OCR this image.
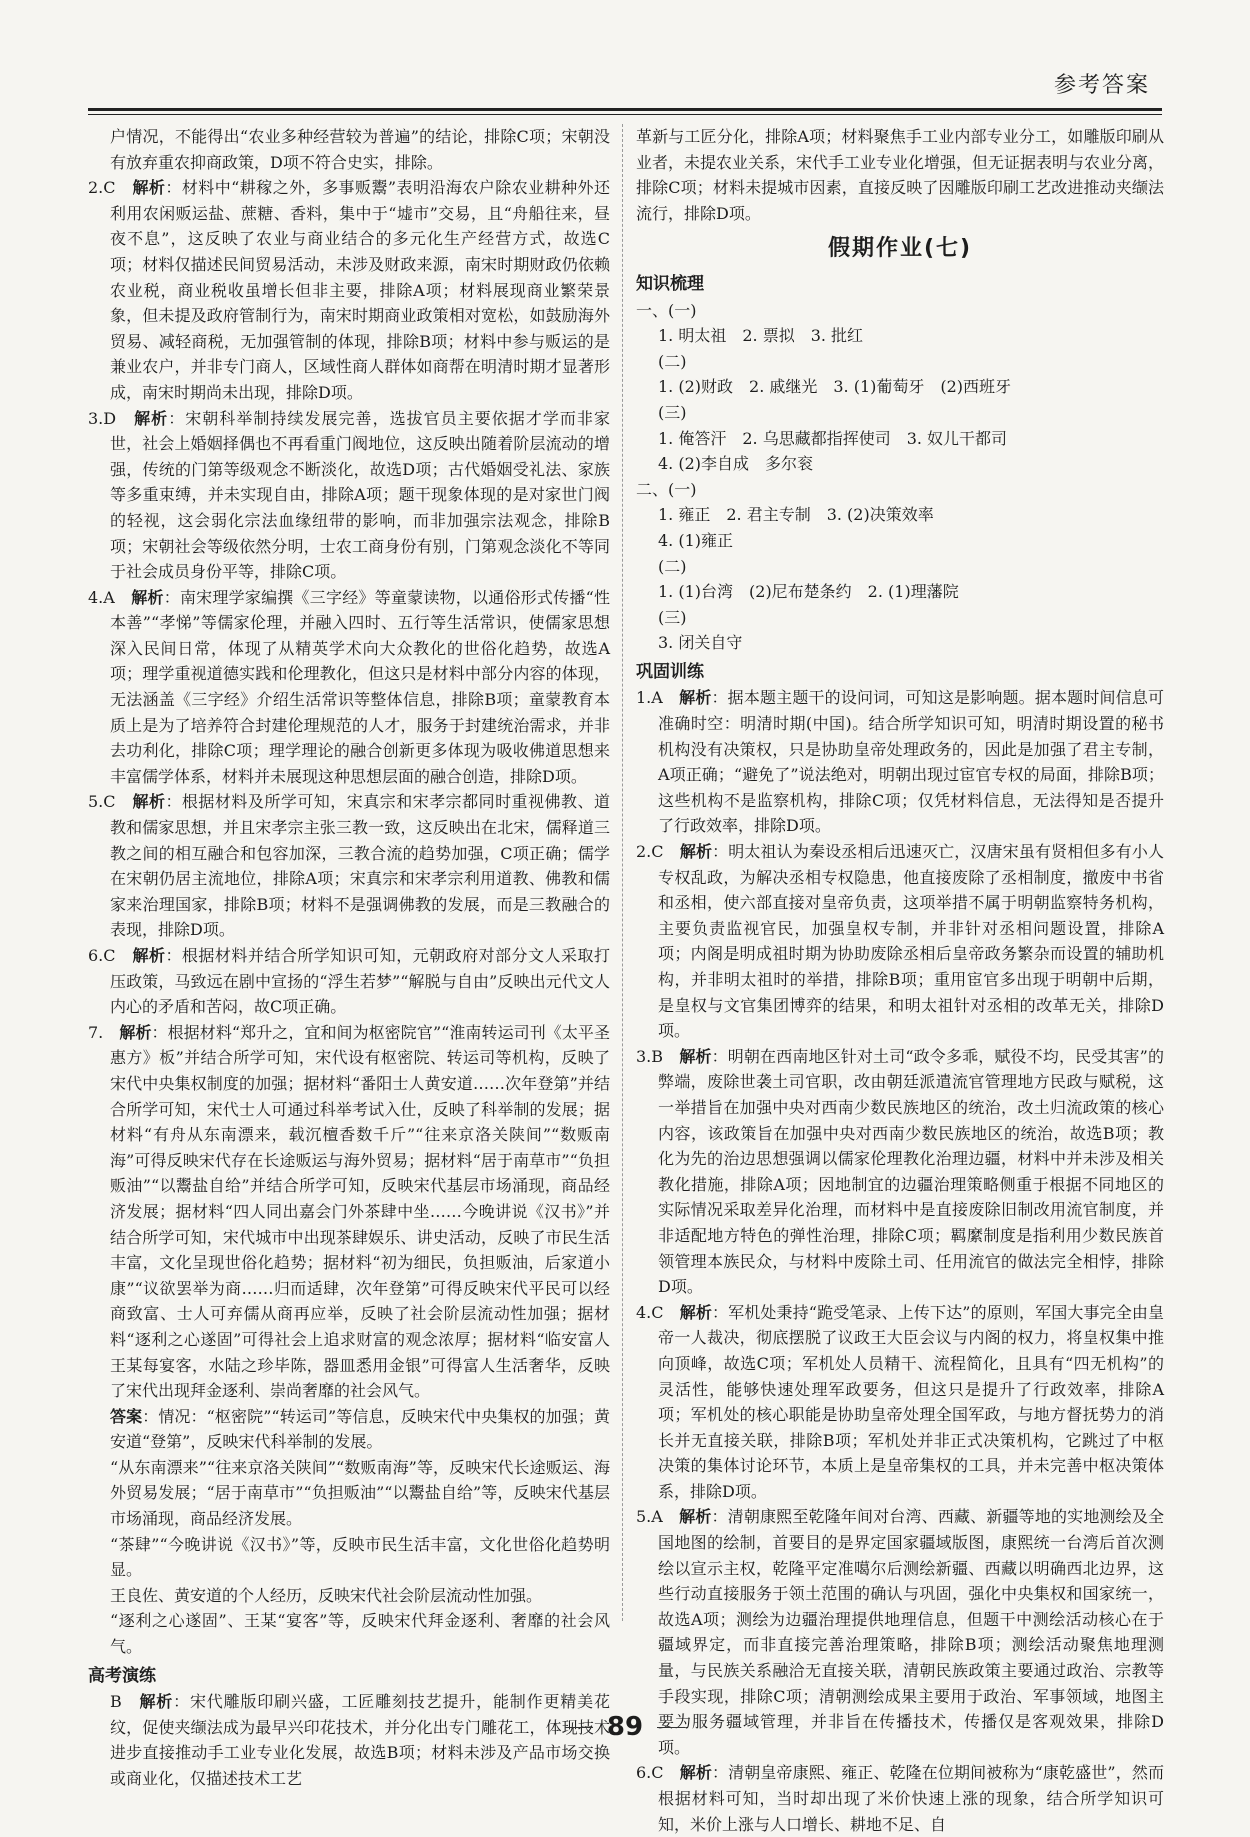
参考答案

户情况，不能得出“农业多种经营较为普遍”的结论，排除C项；宋朝没有放弃重农抑商政策，D项不符合史实，排除。

2.C　 解析：材料中“耕稼之外，多事贩鬻”表明沿海农户除农业耕种外还利用农闲贩运盐、蔗糖、香料，集中于“墟市”交易，且“舟船往来，昼夜不息”，这反映了农业与商业结合的多元化生产经营方式，故选C项；材料仅描述民间贸易活动，未涉及财政来源，南宋时期财政仍依赖农业税，商业税收虽增长但非主要，排除A项；材料展现商业繁荣景象，但未提及政府管制行为，南宋时期商业政策相对宽松，如鼓励海外贸易、减轻商税，无加强管制的体现，排除B项；材料中参与贩运的是兼业农户，并非专门商人，区域性商人群体如商帮在明清时期才显著形成，南宋时期尚未出现，排除D项。

3.D　 解析：宋朝科举制持续发展完善，选拔官员主要依据才学而非家世，社会上婚姻择偶也不再看重门阀地位，这反映出随着阶层流动的增强，传统的门第等级观念不断淡化，故选D项；古代婚姻受礼法、家族等多重束缚，并未实现自由，排除A项；题干现象体现的是对家世门阀的轻视，这会弱化宗法血缘纽带的影响，而非加强宗法观念，排除B项；宋朝社会等级依然分明，士农工商身份有别，门第观念淡化不等同于社会成员身份平等，排除C项。

4.A　 解析：南宋理学家编撰《三字经》等童蒙读物，以通俗形式传播“性本善”“孝悌”等儒家伦理，并融入四时、五行等生活常识，使儒家思想深入民间日常，体现了从精英学术向大众教化的世俗化趋势，故选A项；理学重视道德实践和伦理教化，但这只是材料中部分内容的体现，无法涵盖《三字经》介绍生活常识等整体信息，排除B项；童蒙教育本质上是为了培养符合封建伦理规范的人才，服务于封建统治需求，并非去功利化，排除C项；理学理论的融合创新更多体现为吸收佛道思想来丰富儒学体系，材料并未展现这种思想层面的融合创造，排除D项。

5.C　 解析：根据材料及所学可知，宋真宗和宋孝宗都同时重视佛教、道教和儒家思想，并且宋孝宗主张三教一致，这反映出在北宋，儒释道三教之间的相互融合和包容加深，三教合流的趋势加强，C项正确；儒学在宋朝仍居主流地位，排除A项；宋真宗和宋孝宗利用道教、佛教和儒家来治理国家，排除B项；材料不是强调佛教的发展，而是三教融合的表现，排除D项。

6.C　 解析：根据材料并结合所学知识可知，元朝政府对部分文人采取打压政策，马致远在剧中宣扬的“浮生若梦”“解脱与自由”反映出元代文人内心的矛盾和苦闷，故C项正确。

7.　 解析：根据材料“郑升之，宜和间为枢密院官”“淮南转运司刊《太平圣惠方》板”并结合所学可知，宋代设有枢密院、转运司等机构，反映了宋代中央集权制度的加强；据材料“番阳士人黄安道……次年登第”并结合所学可知，宋代士人可通过科举考试入仕，反映了科举制的发展；据材料“有舟从东南漂来，载沉檀香数千斤”“往来京洛关陕间”“数贩南海”可得反映宋代存在长途贩运与海外贸易；据材料“居于南草市”“负担贩油”“以鬻盐自给”并结合所学可知，反映宋代基层市场涌现，商品经济发展；据材料“四人同出嘉会门外茶肆中坐……今晚讲说《汉书》”并结合所学可知，宋代城市中出现茶肆娱乐、讲史活动，反映了市民生活丰富，文化呈现世俗化趋势；据材料“初为细民，负担贩油，后家道小康”“议欲罢举为商……归而适肆，次年登第”可得反映宋代平民可以经商致富、士人可弃儒从商再应举，反映了社会阶层流动性加强；据材料“逐利之心遂固”可得社会上追求财富的观念浓厚；据材料“临安富人王某每宴客，水陆之珍毕陈，器皿悉用金银”可得富人生活奢华，反映了宋代出现拜金逐利、崇尚奢靡的社会风气。

答案：情况：“枢密院”“转运司”等信息，反映宋代中央集权的加强；黄安道“登第”，反映宋代科举制的发展。

“从东南漂来”“往来京洛关陕间”“数贩南海”等，反映宋代长途贩运、海外贸易发展；“居于南草市”“负担贩油”“以鬻盐自给”等，反映宋代基层市场涌现，商品经济发展。

“茶肆”“今晚讲说《汉书》”等，反映市民生活丰富，文化世俗化趋势明显。

王良佐、黄安道的个人经历，反映宋代社会阶层流动性加强。

“逐利之心遂固”、王某“宴客”等，反映宋代拜金逐利、奢靡的社会风气。

高考演练

B　 解析：宋代雕版印刷兴盛，工匠雕刻技艺提升，能制作更精美花纹，促使夹缬法成为最早兴印花技术，并分化出专门雕花工，体现技术进步直接推动手工业专业化发展，故选B项；材料未涉及产品市场交换或商业化，仅描述技术工艺

革新与工匠分化，排除A项；材料聚焦手工业内部专业分工，如雕版印刷从业者，未提农业关系，宋代手工业专业化增强，但无证据表明与农业分离，排除C项；材料未提城市因素，直接反映了因雕版印刷工艺改进推动夹缬法流行，排除D项。

假期作业(七)
知识梳理

一、(一)

1. 明太祖　2. 票拟　3. 批红

(二)

1. (2)财政　2. 戚继光　3. (1)葡萄牙　(2)西班牙

(三)

1. 俺答汗　2. 乌思藏都指挥使司　3. 奴儿干都司

4. (2)李自成　多尔衮

二、(一)

1. 雍正　2. 君主专制　3. (2)决策效率

4. (1)雍正

(二)

1. (1)台湾　(2)尼布楚条约　2. (1)理藩院

(三)

3. 闭关自守

巩固训练

1.A　 解析：据本题主题干的设问词，可知这是影响题。据本题时间信息可准确时空：明清时期(中国)。结合所学知识可知，明清时期设置的秘书机构没有决策权，只是协助皇帝处理政务的，因此是加强了君主专制，A项正确；“避免了”说法绝对，明朝出现过宦官专权的局面，排除B项；这些机构不是监察机构，排除C项；仅凭材料信息，无法得知是否提升了行政效率，排除D项。

2.C　 解析：明太祖认为秦设丞相后迅速灭亡，汉唐宋虽有贤相但多有小人专权乱政，为解决丞相专权隐患，他直接废除了丞相制度，撤废中书省和丞相，使六部直接对皇帝负责，这项举措不属于明朝监察特务机构，主要负责监视官民，加强皇权专制，并非针对丞相问题设置，排除A项；内阁是明成祖时期为协助废除丞相后皇帝政务繁杂而设置的辅助机构，并非明太祖时的举措，排除B项；重用宦官多出现于明朝中后期，是皇权与文官集团博弈的结果，和明太祖针对丞相的改革无关，排除D项。

3.B　 解析：明朝在西南地区针对土司“政令多乖，赋役不均，民受其害”的弊端，废除世袭土司官职，改由朝廷派遣流官管理地方民政与赋税，这一举措旨在加强中央对西南少数民族地区的统治，改土归流政策的核心内容，该政策旨在加强中央对西南少数民族地区的统治，故选B项；教化为先的治边思想强调以儒家伦理教化治理边疆，材料中并未涉及相关教化措施，排除A项；因地制宜的边疆治理策略侧重于根据不同地区的实际情况采取差异化治理，而材料中是直接废除旧制改用流官制度，并非适配地方特色的弹性治理，排除C项；羁縻制度是指利用少数民族首领管理本族民众，与材料中废除土司、任用流官的做法完全相悖，排除D项。

4.C　 解析：军机处秉持“跪受笔录、上传下达”的原则，军国大事完全由皇帝一人裁决，彻底摆脱了议政王大臣会议与内阁的权力，将皇权集中推向顶峰，故选C项；军机处人员精干、流程简化，且具有“四无机构”的灵活性，能够快速处理军政要务，但这只是提升了行政效率，排除A项；军机处的核心职能是协助皇帝处理全国军政，与地方督抚势力的消长并无直接关联，排除B项；军机处并非正式决策机构，它跳过了中枢决策的集体讨论环节，本质上是皇帝集权的工具，并未完善中枢决策体系，排除D项。

5.A　 解析：清朝康熙至乾隆年间对台湾、西藏、新疆等地的实地测绘及全国地图的绘制，首要目的是界定国家疆域版图，康熙统一台湾后首次测绘以宣示主权，乾隆平定准噶尔后测绘新疆、西藏以明确西北边界，这些行动直接服务于领土范围的确认与巩固，强化中央集权和国家统一，故选A项；测绘为边疆治理提供地理信息，但题干中测绘活动核心在于疆域界定，而非直接完善治理策略，排除B项；测绘活动聚焦地理测量，与民族关系融洽无直接关联，清朝民族政策主要通过政治、宗教等手段实现，排除C项；清朝测绘成果主要用于政治、军事领域，地图主要为服务疆域管理，并非旨在传播技术，传播仅是客观效果，排除D项。

6.C　 解析：清朝皇帝康熙、雍正、乾隆在位期间被称为“康乾盛世”，然而根据材料可知，当时却出现了米价快速上涨的现象，结合所学知识可知，米价上涨与人口增长、耕地不足、自

89
